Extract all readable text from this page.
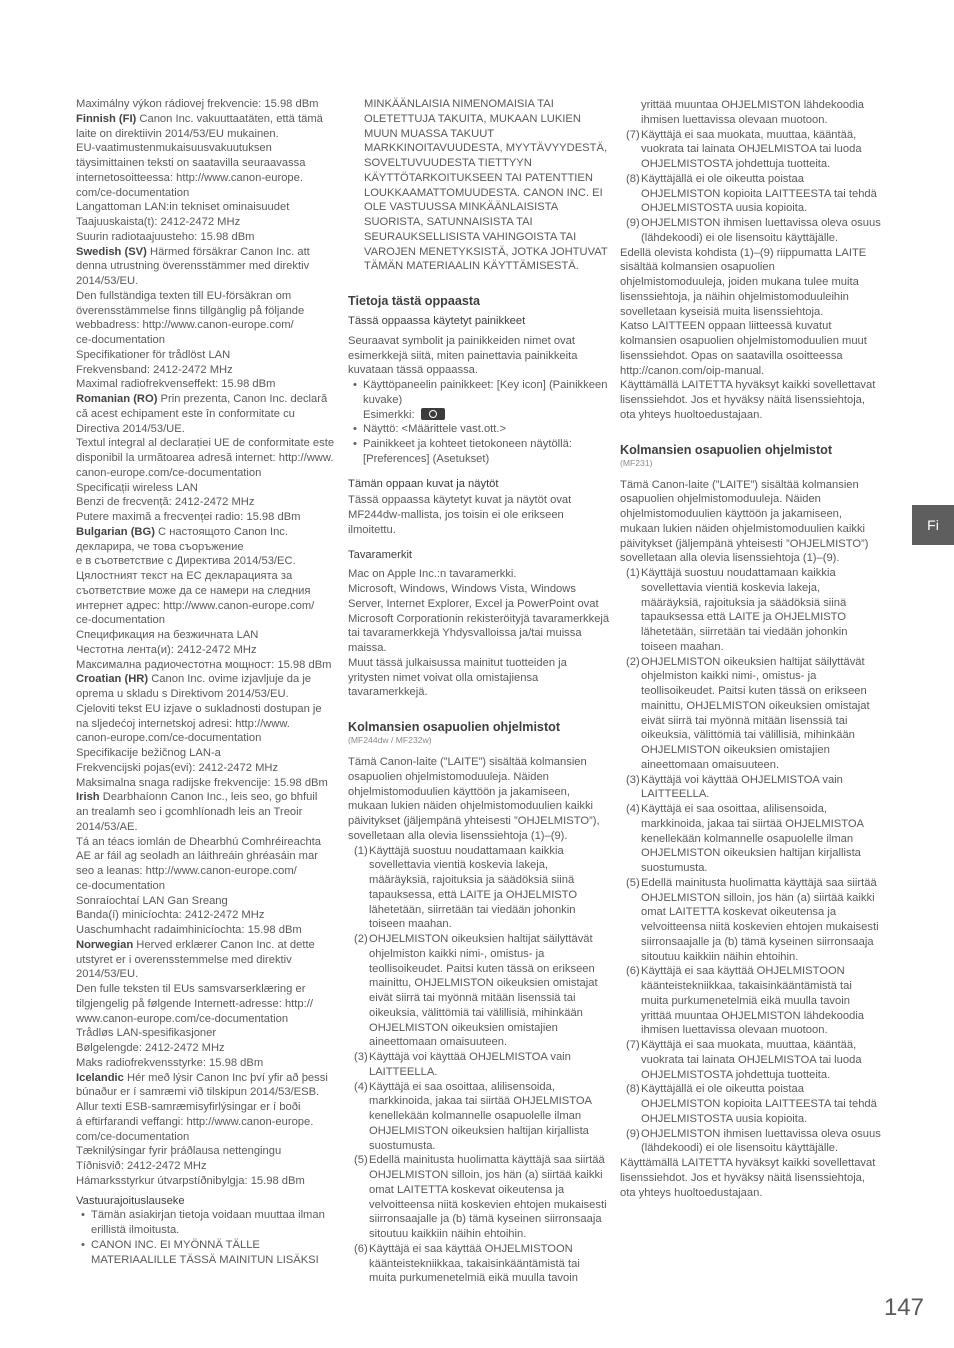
Maximálny výkon rádiovej frekvencie: 15.98 dBm

Finnish (FI) Canon Inc. vakuuttaatäten, että tämä

laite on direktiivin 2014/53/EU mukainen.

EU-vaatimustenmukaisuusvakuutuksen

täysimittainen teksti on saatavilla seuraavassa

internetosoitteessa: http://www.canon-europe.

com/ce-documentation

Langattoman LAN:in tekniset ominaisuudet

Taajuuskaista(t): 2412-2472 MHz

Suurin radiotaajuusteho: 15.98 dBm

Swedish (SV) Härmed försäkrar Canon Inc. att

denna utrustning överensstämmer med direktiv

2014/53/EU.

Den fullständiga texten till EU-försäkran om

överensstämmelse finns tillgänglig på följande

webbadress: http://www.canon-europe.com/

ce-documentation

Specifikationer för trådlöst LAN

Frekvensband: 2412-2472 MHz

Maximal radiofrekvenseffekt: 15.98 dBm

Romanian (RO) Prin prezenta, Canon Inc. declară

că acest echipament este în conformitate cu

Directiva 2014/53/UE.

Textul integral al declarației UE de conformitate este

disponibil la următoarea adresă internet: http://www.

canon-europe.com/ce-documentation

Specificații wireless LAN

Benzi de frecvență: 2412-2472 MHz

Putere maximă a frecvenței radio: 15.98 dBm

Bulgarian (BG) С настоящото Canon Inc.

декларира, че това съоръжение

е в съответствие с Директива 2014/53/ЕС.

Цялостният текст на ЕС декларацията за

съответствие може да се намери на следния

интернет адрес: http://www.canon-europe.com/

ce-documentation

Спецификация на безжичната LAN

Честотна лента(и): 2412-2472 MHz

Максимална радиочестотна мощност: 15.98 dBm

Croatian (HR) Canon Inc. ovime izjavljuje da je

oprema u skladu s Direktivom 2014/53/EU.

Cjeloviti tekst EU izjave o sukladnosti dostupan je

na sljedećoj internetskoj adresi: http://www.

canon-europe.com/ce-documentation

Specifikacije bežičnog LAN-a

Frekvencijski pojas(evi): 2412-2472 MHz

Maksimalna snaga radijske frekvencije: 15.98 dBm

Irish Dearbhaíonn Canon Inc., leis seo, go bhfuil

an trealamh seo i gcomhlíonadh leis an Treoir

2014/53/AE.

Tá an téacs iomlán de Dhearbhú Comhréireachta

AE ar fáil ag seoladh an láithreáin ghréasáin mar

seo a leanas: http://www.canon-europe.com/

ce-documentation

Sonraíochtaí LAN Gan Sreang

Banda(í) minicíochta: 2412-2472 MHz

Uaschumhacht radaimhinicíochta: 15.98 dBm

Norwegian Herved erklærer Canon Inc. at dette

utstyret er i overensstemmelse med direktiv

2014/53/EU.

Den fulle teksten til EUs samsvarserklæring er

tilgjengelig på følgende Internett-adresse: http://

www.canon-europe.com/ce-documentation

Trådløs LAN-spesifikasjoner

Bølgelengde: 2412-2472 MHz

Maks radiofrekvensstyrke: 15.98 dBm

Icelandic Hér með lýsir Canon Inc því yfir að þessi

búnaður er í samræmi við tilskipun 2014/53/ESB.

Allur texti ESB-samræmisyfirlýsingar er í boði

á eftirfarandi veffangi: http://www.canon-europe.

com/ce-documentation

Tæknilýsingar fyrir þráðlausa nettengingu

Tíðnisvið: 2412-2472 MHz

Hámarksstyrkur útvarpstíðnibylgja: 15.98 dBm

Vastuurajoituslauseke

• Tämän asiakirjan tietoja voidaan muuttaa ilman erillistä ilmoitusta.
• CANON INC. EI MYÖNNÄ TÄLLE MATERIAALILLE TÄSSÄ MAINITUN LISÄKSI

MINKÄÄNLAISIA NIMENOMAISIA TAI OLETETTUJA TAKUITA, MUKAAN LUKIEN MUUN MUASSA TAKUUT MARKKINOITAVUUDESTA, MYYTÄVYYDESTÄ, SOVELTUVUUDESTA TIETTYYN KÄYTTÖTARKOITUKSEEN TAI PATENTTIEN LOUKKAAMATTOMUUDESTA. CANON INC. EI OLE VASTUUSSA MINKÄÄNLAISISTA SUORISTA, SATUNNAISISTA TAI SEURAUKSELLISISTA VAHINGOISTA TAI VAROJEN MENETYKSISTÄ, JOTKA JOHTUVAT TÄMÄN MATERIAALIN KÄYTTÄMISESTÄ.

Tietoja tästä oppaasta

Tässä oppaassa käytetyt painikkeet

Seuraavat symbolit ja painikkeiden nimet ovat esimerkkejä siitä, miten painettavia painikkeita kuvataan tässä oppaassa.

• Käyttöpaneelin painikkeet: [Key icon] (Painikkeen kuvake)
Esimerkki:
• Näyttö: <Määrittele vast.ott.>
• Painikkeet ja kohteet tietokoneen näytöllä: [Preferences] (Asetukset)

Tämän oppaan kuvat ja näytöt

Tässä oppaassa käytetyt kuvat ja näytöt ovat MF244dw-mallista, jos toisin ei ole erikseen ilmoitettu.

Tavaramerkit

Mac on Apple Inc.:n tavaramerkki.

Microsoft, Windows, Windows Vista, Windows Server, Internet Explorer, Excel ja PowerPoint ovat Microsoft Corporationin rekisteröityjä tavaramerkkejä tai tavaramerkkejä Yhdysvalloissa ja/tai muissa maissa.

Muut tässä julkaisussa mainitut tuotteiden ja yritysten nimet voivat olla omistajiensa tavaramerkkejä.

Kolmansien osapuolien ohjelmistot

(MF244dw / MF232w)

Tämä Canon-laite (”LAITE”) sisältää kolmansien osapuolien ohjelmistomoduuleja. Näiden ohjelmistomoduulien käyttöön ja jakamiseen, mukaan lukien näiden ohjelmistomoduulien kaikki päivitykset (jäljempänä yhteisesti ”OHJELMISTO”), sovelletaan alla olevia lisenssiehtoja (1)–(9).

(1) Käyttäjä suostuu noudattamaan kaikkia sovellettavia vientiä koskevia lakeja, määräyksiä, rajoituksia ja säädöksiä siinä tapauksessa, että LAITE ja OHJELMISTO lähetetään, siirretään tai viedään johonkin toiseen maahan.
(2) OHJELMISTON oikeuksien haltijat säilyttävät ohjelmiston kaikki nimi-, omistus- ja teollisoikeudet. Paitsi kuten tässä on erikseen mainittu, OHJELMISTON oikeuksien omistajat eivät siirrä tai myönnä mitään lisenssiä tai oikeuksia, välittömiä tai välillisiä, mihinkään OHJELMISTON oikeuksien omistajien aineettomaan omaisuuteen.
(3) Käyttäjä voi käyttää OHJELMISTOA vain LAITTEELLA.
(4) Käyttäjä ei saa osoittaa, alilisensoida, markkinoida, jakaa tai siirtää OHJELMISTOA kenellekään kolmannelle osapuolelle ilman OHJELMISTON oikeuksien haltijan kirjallista suostumusta.
(5) Edellä mainitusta huolimatta käyttäjä saa siirtää OHJELMISTON silloin, jos hän (a) siirtää kaikki omat LAITETTA koskevat oikeutensa ja velvoitteensa niitä koskevien ehtojen mukaisesti siirronsaajalle ja (b) tämä kyseinen siirronsaaja sitoutuu kaikkiin näihin ehtoihin.
(6) Käyttäjä ei saa käyttää OHJELMISTOON käänteistekniikkaa, takaisinkääntämistä tai muita purkumenetelmiä eikä muulla tavoin

yrittää muuntaa OHJELMISTON lähdekoodia ihmisen luettavissa olevaan muotoon.

(7) Käyttäjä ei saa muokata, muuttaa, kääntää, vuokrata tai lainata OHJELMISTOA tai luoda OHJELMISTOSTA johdettuja tuotteita.
(8) Käyttäjällä ei ole oikeutta poistaa OHJELMISTON kopioita LAITTEESTA tai tehdä OHJELMISTOSTA uusia kopioita.
(9) OHJELMISTON ihmisen luettavissa oleva osuus (lähdekoodi) ei ole lisensoitu käyttäjälle.

Edellä olevista kohdista (1)–(9) riippumatta LAITE sisältää kolmansien osapuolien ohjelmistomoduuleja, joiden mukana tulee muita lisenssiehtoja, ja näihin ohjelmistomoduuleihin sovelletaan kyseisiä muita lisenssiehtoja.

Katso LAITTEEN oppaan liitteessä kuvatut kolmansien osapuolien ohjelmistomoduulien muut lisenssiehdot. Opas on saatavilla osoitteessa http://canon.com/oip-manual.

Käyttämällä LAITETTA hyväksyt kaikki sovellettavat lisenssiehdot. Jos et hyväksy näitä lisenssiehtoja, ota yhteys huoltoedustajaan.

Kolmansien osapuolien ohjelmistot

(MF231)

Tämä Canon-laite (”LAITE”) sisältää kolmansien osapuolien ohjelmistomoduuleja. Näiden ohjelmistomoduulien käyttöön ja jakamiseen, mukaan lukien näiden ohjelmistomoduulien kaikki päivitykset (jäljempänä yhteisesti ”OHJELMISTO”) sovelletaan alla olevia lisenssiehtoja (1)–(9).

(1) Käyttäjä suostuu noudattamaan kaikkia sovellettavia vientiä koskevia lakeja, määräyksiä, rajoituksia ja säädöksiä siinä tapauksessa että LAITE ja OHJELMISTO lähetetään, siirretään tai viedään johonkin toiseen maahan.
(2) OHJELMISTON oikeuksien haltijat säilyttävät ohjelmiston kaikki nimi-, omistus- ja teollisoikeudet. Paitsi kuten tässä on erikseen mainittu, OHJELMISTON oikeuksien omistajat eivät siirrä tai myönnä mitään lisenssiä tai oikeuksia, välittömiä tai välillisiä, mihinkään OHJELMISTON oikeuksien omistajien aineettomaan omaisuuteen.
(3) Käyttäjä voi käyttää OHJELMISTOA vain LAITTEELLA.
(4) Käyttäjä ei saa osoittaa, alilisensoida, markkinoida, jakaa tai siirtää OHJELMISTOA kenellekään kolmannelle osapuolelle ilman OHJELMISTON oikeuksien haltijan kirjallista suostumusta.
(5) Edellä mainitusta huolimatta käyttäjä saa siirtää OHJELMISTON silloin, jos hän (a) siirtää kaikki omat LAITETTA koskevat oikeutensa ja velvoitteensa niitä koskevien ehtojen mukaisesti siirronsaajalle ja (b) tämä kyseinen siirronsaaja sitoutuu kaikkiin näihin ehtoihin.
(6) Käyttäjä ei saa käyttää OHJELMISTOON käänteistekniikkaa, takaisinkääntämistä tai muita purkumenetelmiä eikä muulla tavoin yrittää muuntaa OHJELMISTON lähdekoodia ihmisen luettavissa olevaan muotoon.
(7) Käyttäjä ei saa muokata, muuttaa, kääntää, vuokrata tai lainata OHJELMISTOA tai luoda OHJELMISTOSTA johdettuja tuotteita.
(8) Käyttäjällä ei ole oikeutta poistaa OHJELMISTON kopioita LAITTEESTA tai tehdä OHJELMISTOSTA uusia kopioita.
(9) OHJELMISTON ihmisen luettavissa oleva osuus (lähdekoodi) ei ole lisensoitu käyttäjälle.

Käyttämällä LAITETTA hyväksyt kaikki sovellettavat lisenssiehdot. Jos et hyväksy näitä lisenssiehtoja, ota yhteys huoltoedustajaan.

Fi
147
